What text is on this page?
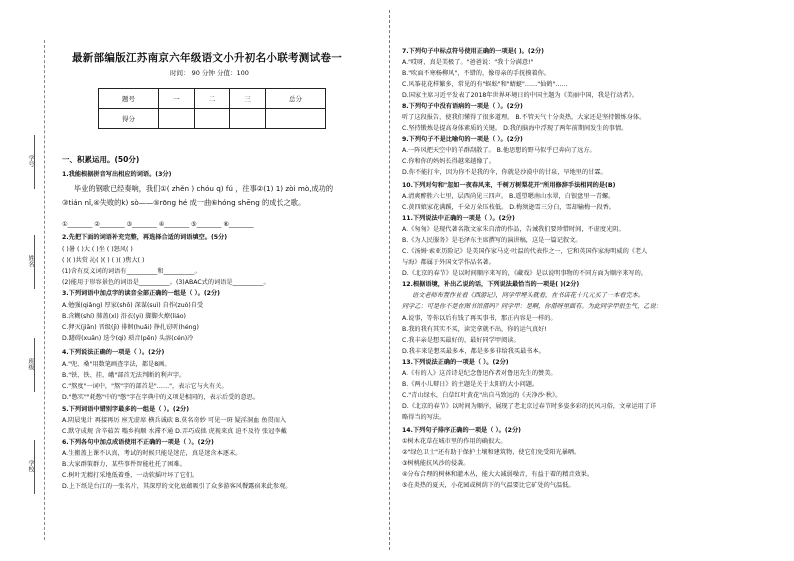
学号
姓名
班级
学校
最新部编版江苏南京六年级语文小升初名小联考测试卷一
时间： 90 分钟 分值：100
题号	一	二	三	总分
得分				
一、积累运用。(50分)
1.我能根据拼音写出相应的词语。(3分)
毕业的钢歌已经奏响，我们①( zhěn ) chóu q) fú ，往事②(1) 1) zòi mò,成功的
③tián nǐ,④失败的k) sò——⑤rōng hé 成一曲⑥hóng shēng 的成长之歌。
①________ ②________ ③________ ④________ ⑤________ ⑥________
2.先把下面的词语补充完整，再选择合适的词语填空。(5分)
( )暑 ( )大 ( )坐 ( )怒风( )
( )( )共赏 沁( )( ) ( )( )焦大( )
(1)含有反义词的词语有__________和__________。
(2)能用于形容景色的词语是__________。(3)ABAC式的词语是__________。
3.下列词语中加点字的读音全部正确的一组是（ ）。(2分)
A.勉强(qiǎng) 厚家(shǒ) 深谋(suì) 自作(zuò)自受
B.含糊(shí) 肺盖(xì) 沿衣(yi) 脚脚火燎(liáo)
C.狎灭(jiān) 晋级(jì) 徘徊(huǎi) 挣扎窃听(héng)
D.躇碍(xuān) 迭令(qì) 琐音(pēn) 头溶(cén)冷
4.下列说法正确的一项是（ ）。(2分)
A."兜、桑"用数笔画查字法，都是8画。
B."铁、铁、挂、峨"部首无法判断的利声字。
C."熬度"一词中，"熬"字的部首是"……"，表示它与火有关。
D."憋实""耗憋"中的"憋"字在字典中的义项是相同的，表示后受的意思。
5.下列词语中错别字最多的一组是（ ）。(2分)
A.阴晨鬼计 再接再厉 座无虚席 横兵诚砍 B.莫名奇妙 可见一斑 疑淫洞血 鱼贯而入
C.默守成规 含辛茹苦 嗡乡拘顺 水滞不通 D.弄巧成拙 虎视来真 迫不及待 张冠李戴
6.下列各句中加点成语使用不正确的一项是（ ）。(2分)
A.生搬盖上课不认真，考试的时候只能是迷茫，真是迷含本逐末。
B.大家群策群力，某些事件智能杜托了困难。
C.树叶无精打采地低着垂，一动软摇叶坏了它们。
D.上下纸是台江的一张名片，其深厚的文化底蕴吸引了众多游客风餐露宿来此参观。
7.下列句子中标点符号使用正确的一项是( )。(2分)
A."哎呀，真是美极了。"爸爸说："我十分满意!"
B."吹面不寒杨柳风"，不错的，像母亲的手抚摸着你。
C.风筝花花样繁多，常见的有"蜈蚣"和"蜻蜓"……"仙鹤"……
D.国家主席习近平发表了2018年世界环境日的中国主题为《美丽中国，我是行动者》。
8.下列句子中没有语病的一项是（ ）。(2分)
听了这段报告，使我们懂得了很多道理。 B.不管天气十分炎热，大家还是坚持锻炼身体。
C.坚持锻炼是提高身体素质的关键。 D.我的脑海中浮现了两年前期间发生的事情。
9.下列句子不是比喻句的一项是（ ）。(2分)
A.一阵风把天空中的羊群刮散了。 B.他思想的野马似乎已奔向了远方。
C.你和你的妈妈长得越来越像了。
D.你不能打伞，因为你不是我的伞，你就是沙漠中的甘泉，旱地里的甘霖。
10.下列对句和"忽如一夜春风来，千树万树梨花开"所用修辞手法相同的是(B)
A.清爽醉胜六七里，层西尚见三四声。 B.遥望嗯南山水翠，白银盘里一青螺。
C.黄四娘家花满蹊，千朵万朵压枝低。 D.梅须逊雪三分白，雪却输梅一段香。
11.下列说法中正确的一项是（ ）。(2分)
A.《匆匆》是现代著名散文家朱自清的作品，告诫我们要珍惜时间，不虚度光阴。
B.《为人民服务》是毛泽东主席撰写的演讲稿，这是一篇记叙文。
C.《汤姆·索亚历险记》是美国作家马克·吐温的代表作之一，它和英国作家海明威的《老人
与海》都属于外国文学作品名著。
D.《北京的春节》是以时间顺序来写的，《藏戏》是以说明事物的不同方面为顺序来写的。
12.根据语境，补出乙说的话，下列说法最恰当的一项是( )(2分)
语文老师布置作业看《西游记》，同学甲埋头就看，在书店花十几元买了一本看完本。
同学乙：可是你不是在图书馆借吗？同学甲：是啊，你借呀里面有。为此同学甲很生气，乙说：
A.说事，等你以后有钱了再买事书，那正内容是一样的。
B.我的我有其实不买，读完拿就不出，你的运气真好!
C.我丰亲是想买最好的，最好同学甲阅读。
D.我丰来是想买最多本，都是多多非给我买最书本。
13.下列说法正确的一项是（ ）。(2分)
A.《有的人》这首诗是纪念鲁迅作者对鲁迅先生的赞美。
B.《两小儿辩日》的主题是关于太阳的大小问题。
C."青山绿水，白草红叶黄花"出自马致远的《天净沙·秋》。
D.《北京的春节》以时间为顺序，展现了老北京过春节时多姿多彩的民风习俗，文章运用了详
略得当的写法。
14.下列句子排序正确的一项是（ ）。(2分)
①树木花草在城市里的作用的确很大。
②"绿色卫士"还有助于保护土壤和建筑物，使它们免受阳光暴晒。
③树桃能抗风沙的侵袭。
④分布合理的树林和灌木丛，能大大减弱噪音，有益于着的精音效果。
⑤在炎热的夏天，小花园或树荫下的气温要比它矿处的气温低。
